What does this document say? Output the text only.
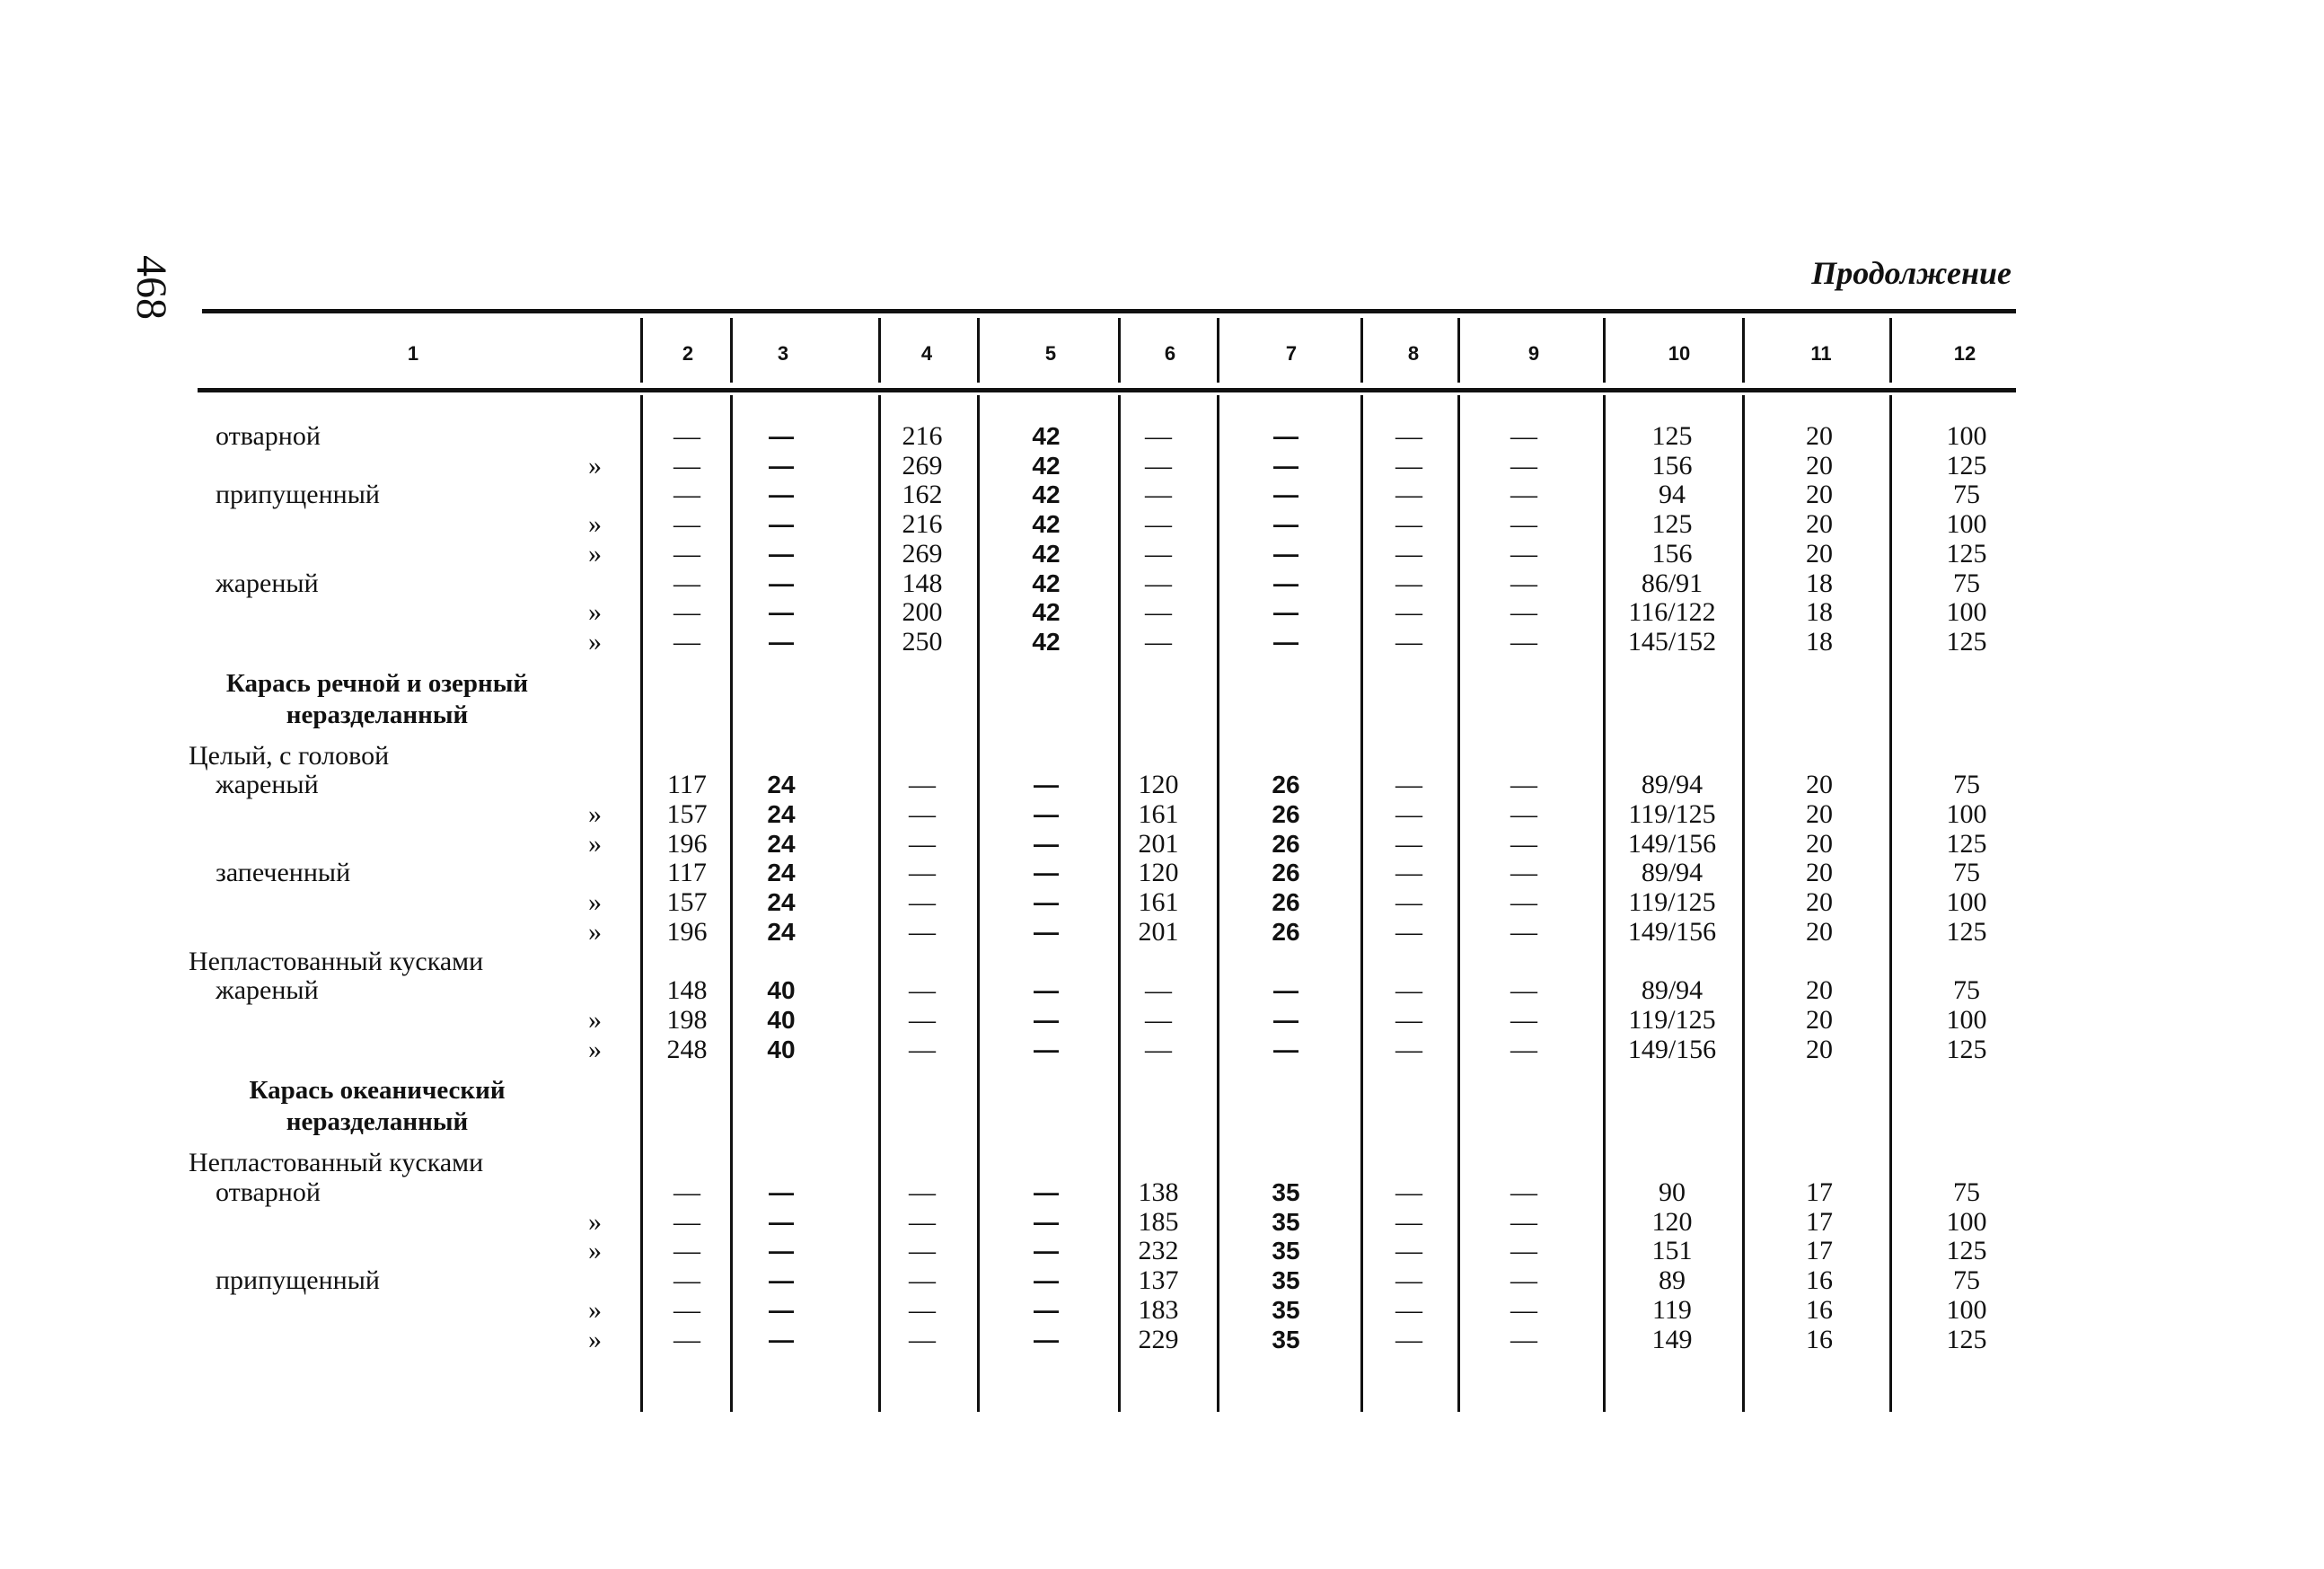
468	Продолжение
1	2	3	4	5	6	7	8	9	10	11	12
отварной	—	—	216	42	—	—	—	—	125	20	100
»	—	—	269	42	—	—	—	—	156	20	125
припущенный	—	—	162	42	—	—	—	—	94	20	75
»	—	—	216	42	—	—	—	—	125	20	100
»	—	—	269	42	—	—	—	—	156	20	125
жареный	—	—	148	42	—	—	—	—	86/91	18	75
»	—	—	200	42	—	—	—	—	116/122	18	100
»	—	—	250	42	—	—	—	—	145/152	18	125
Карась речной и озерный
неразделанный
Целый, с головой
жареный	117	24	—	—	120	26	—	—	89/94	20	75
»	157	24	—	—	161	26	—	—	119/125	20	100
»	196	24	—	—	201	26	—	—	149/156	20	125
запеченный	117	24	—	—	120	26	—	—	89/94	20	75
»	157	24	—	—	161	26	—	—	119/125	20	100
»	196	24	—	—	201	26	—	—	149/156	20	125
Непластованный кусками
жареный	148	40	—	—	—	—	—	—	89/94	20	75
»	198	40	—	—	—	—	—	—	119/125	20	100
»	248	40	—	—	—	—	—	—	149/156	20	125
Карась океанический
неразделанный
Непластованный кусками
отварной	—	—	—	—	138	35	—	—	90	17	75
»	—	—	—	—	185	35	—	—	120	17	100
»	—	—	—	—	232	35	—	—	151	17	125
припущенный	—	—	—	—	137	35	—	—	89	16	75
»	—	—	—	—	183	35	—	—	119	16	100
»	—	—	—	—	229	35	—	—	149	16	125
